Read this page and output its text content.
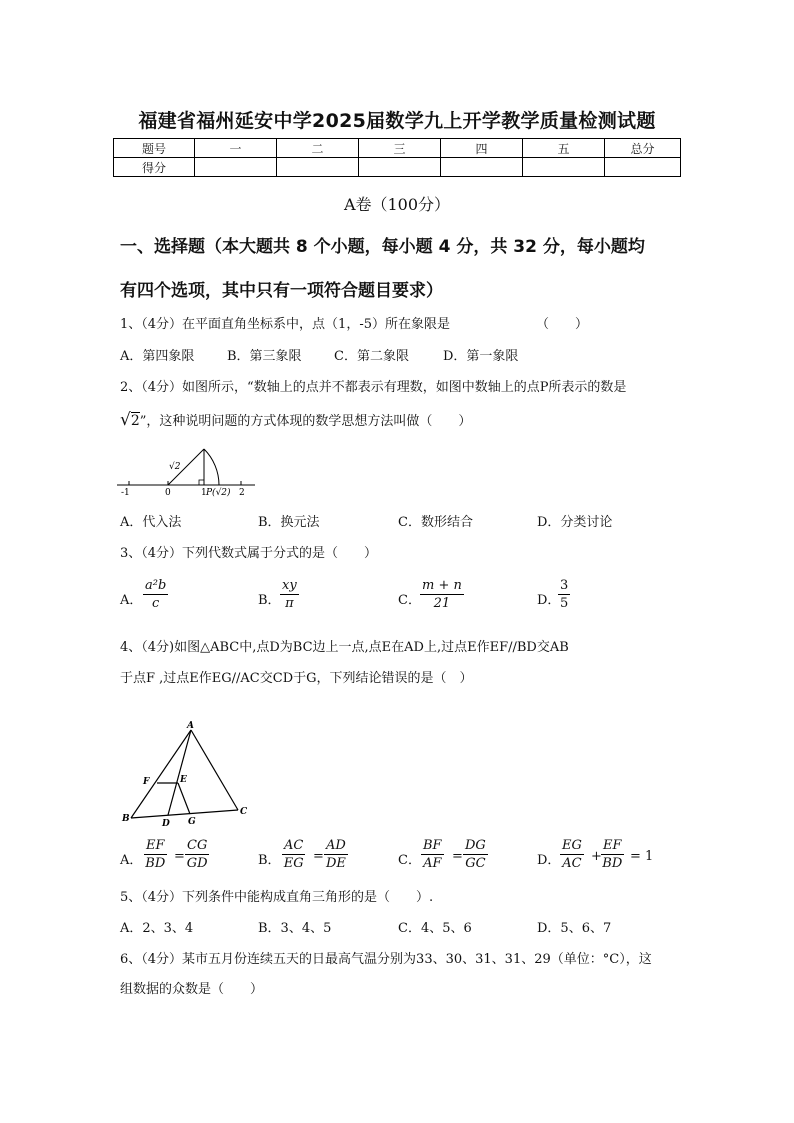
福建省福州延安中学2025届数学九上开学教学质量检测试题
题号	一	二	三	四	五	总分
得分						
A卷（100分）
一、选择题（本大题共 8 个小题，每小题 4 分，共 32 分，每小题均
有四个选项，其中只有一项符合题目要求）
1、（4分）在平面直角坐标系中，点（1，-5）所在象限是	（　　）
A．第四象限	B．第三象限 C．第二象限	D．第一象限
2、（4分）如图所示，“数轴上的点并不都表示有理数，如图中数轴上的点P所表示的数是
√2”，这种说明问题的方式体现的数学思想方法叫做（　　）
-1	0	1	2
√2
P(√2)
A．代入法	B．换元法	C．数形结合	D．分类讨论
3、（4分）下列代数式属于分式的是（　　）
A． $\frac{\text{a²b}}{c}$	B． $\frac{xy}{\pi}$	C． $\frac{m + n}{21}$	D．
$\frac{3}{5}$
4、（4分)如图△ABC中,点D为BC边上一点,点E在AD上,过点E作EF//BD交AB
于点F ,过点E作EG//AC交CD于G，下列结论错误的是（　）
A
F	E
B	D G
C
A． $\frac{EF}{BD} = \frac{CG}{GD}$	B． $\frac{AC}{EG} = \frac{AD}{DE}$	C． $\frac{BF}{AF} = \frac{DG}{GC}$	D． $\frac{EG}{AC} + \frac{EF}{BD} = 1$
5、（4分）下列条件中能构成直角三角形的是（　　）.
A．2、3、4	B．3、4、5	C．4、5、6	D．5、6、7
6、（4分）某市五月份连续五天的日最高气温分别为33、30、31、31、29（单位：°C），这
组数据的众数是（　　）
